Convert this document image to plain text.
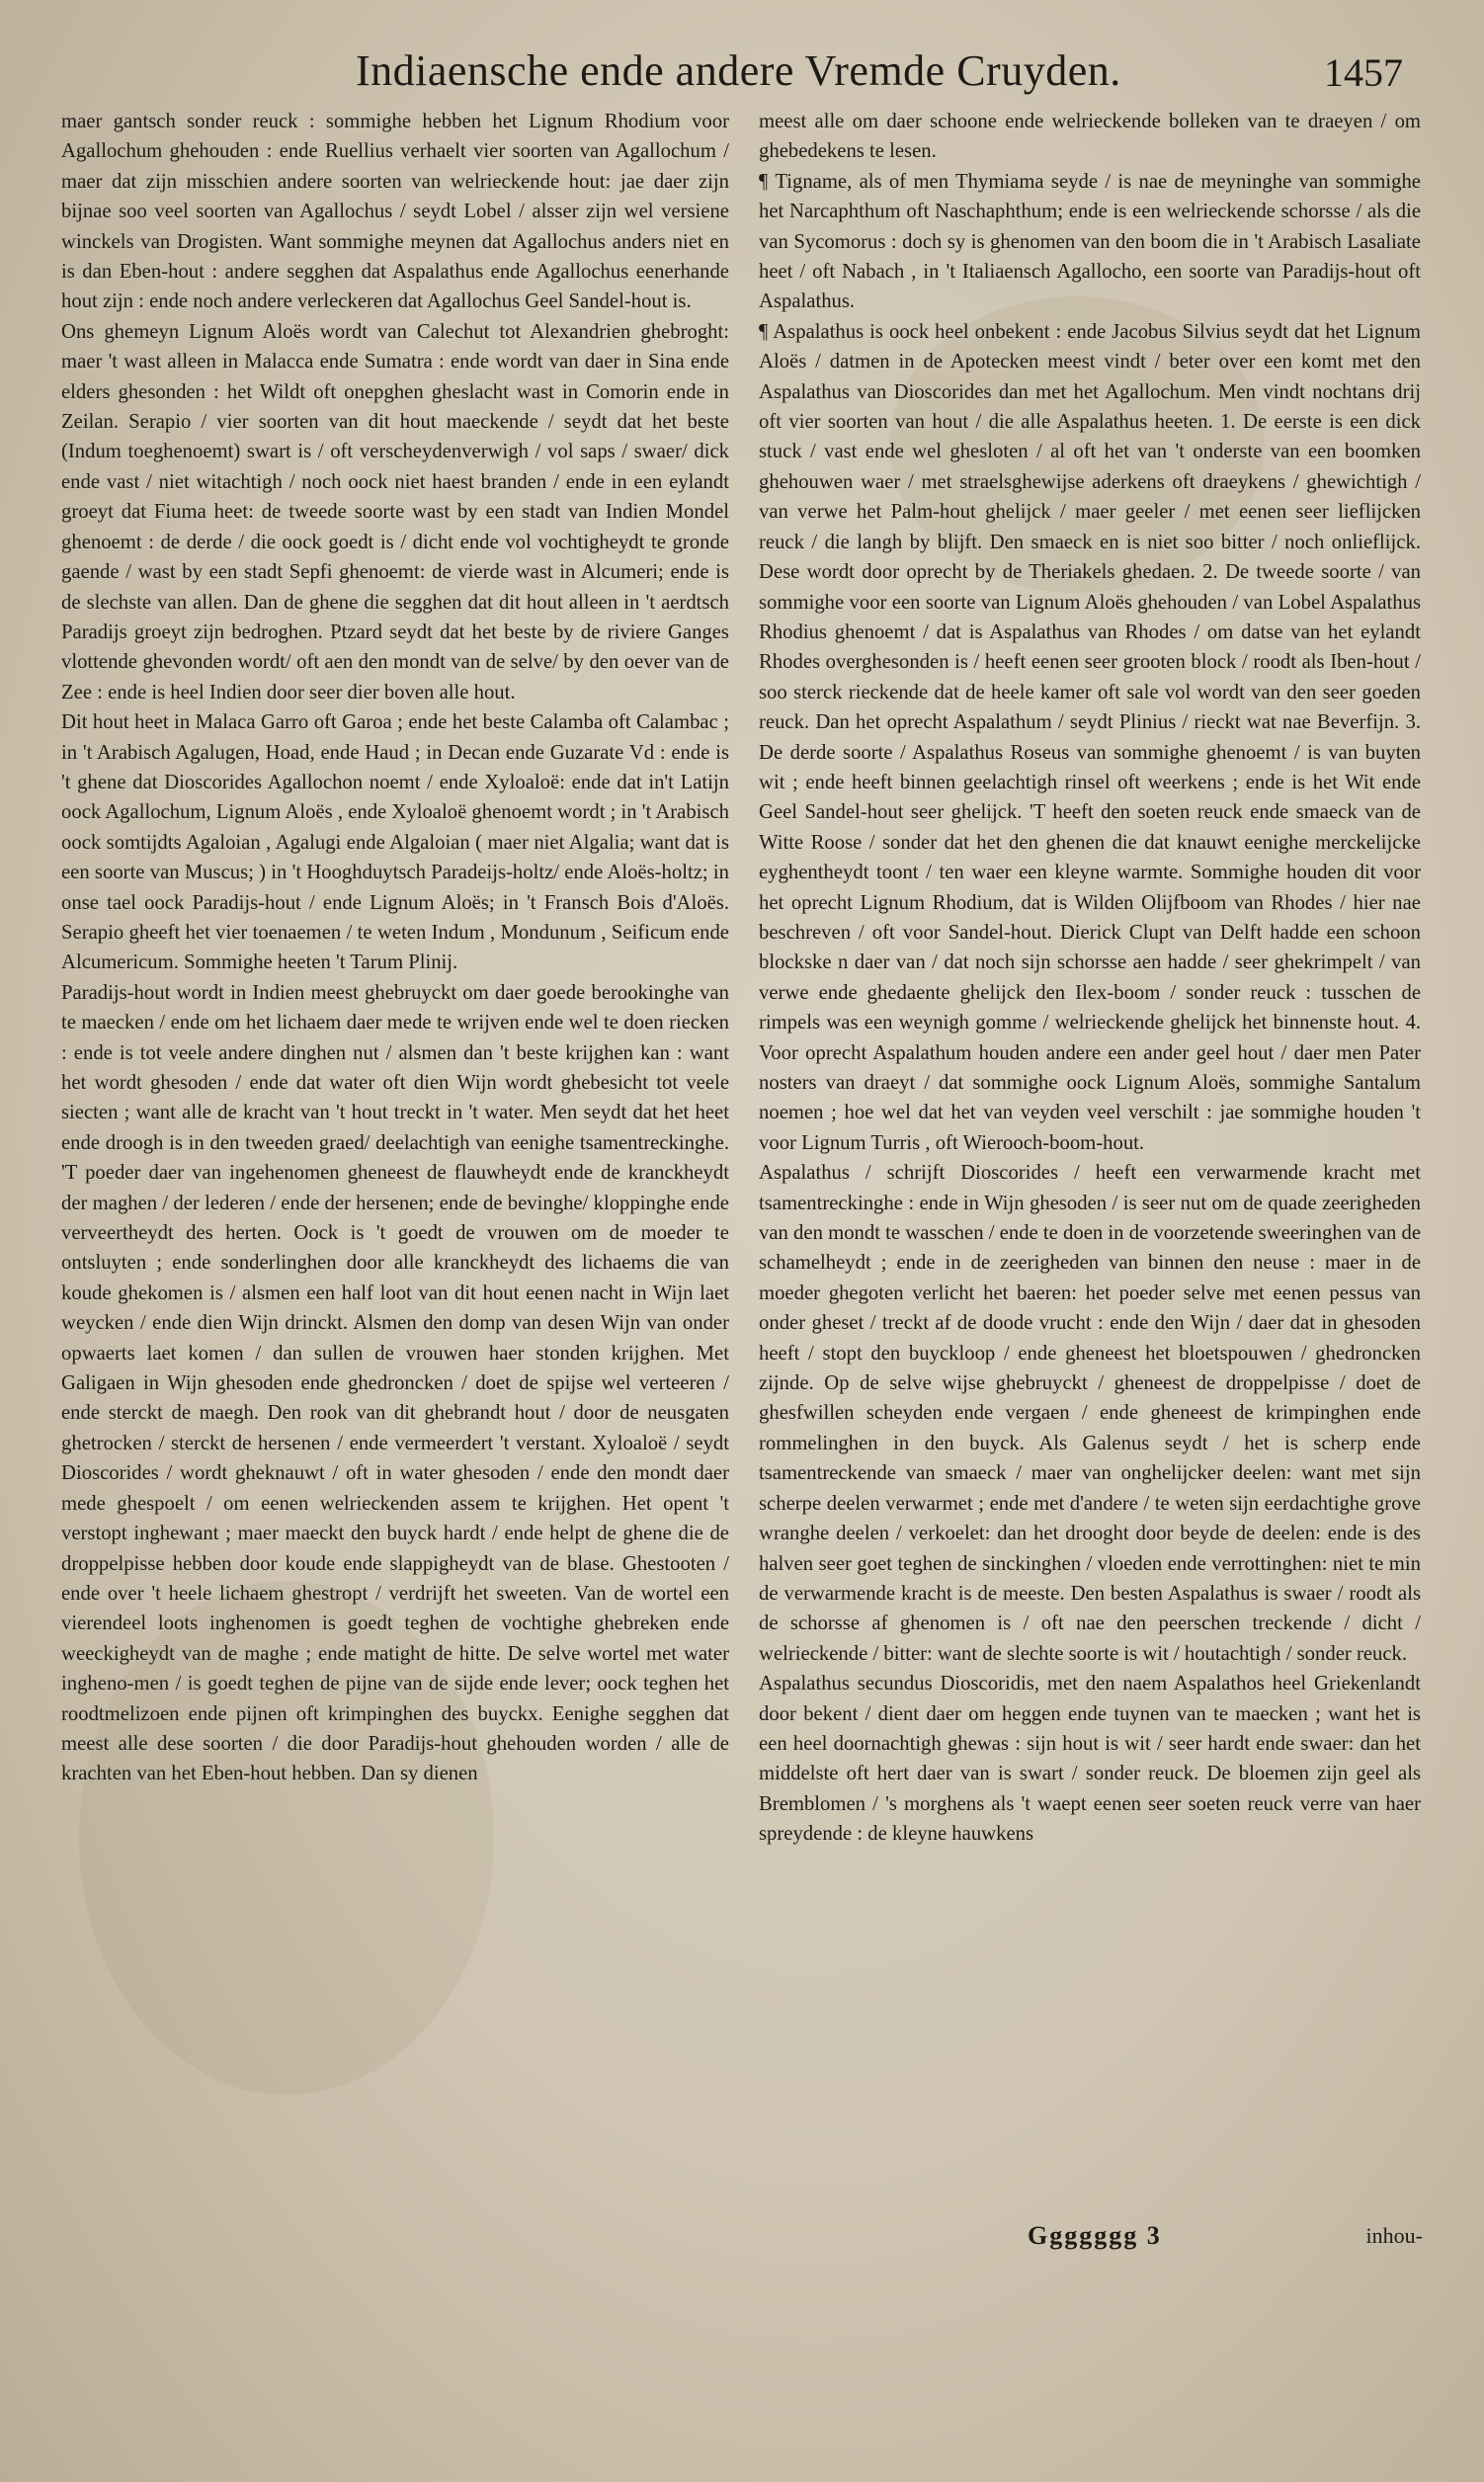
Indiaensche ende andere Vremde Cruyden.	1457

maer gantsch sonder reuck : sommighe hebben het Lignum Rhodium voor Agallochum ghehouden : ende Ruellius verhaelt vier soorten van Agallochum / maer dat zijn misschien andere soorten van welrieckende hout: jae daer zijn bijnae soo veel soorten van Agallochus / seydt Lobel / alsser zijn wel versiene winckels van Drogisten. Want sommighe meynen dat Agallochus anders niet en is dan Eben-hout : andere segghen dat Aspalathus ende Agallochus eenerhande hout zijn : ende noch andere verleckeren dat Agallochus Geel Sandel-hout is.

Ons ghemeyn Lignum Aloës wordt van Calechut tot Alexandrien ghebroght: maer 't wast alleen in Malacca ende Sumatra : ende wordt van daer in Sina ende elders ghesonden : het Wildt oft onepghen gheslacht wast in Comorin ende in Zeilan. Serapio / vier soorten van dit hout maeckende / seydt dat het beste (Indum toeghenoemt) swart is / oft verscheydenverwigh / vol saps / swaer/ dick ende vast / niet witachtigh / noch oock niet haest branden / ende in een eylandt groeyt dat Fiuma heet: de tweede soorte wast by een stadt van Indien Mondel ghenoemt : de derde / die oock goedt is / dicht ende vol vochtigheydt te gronde gaende / wast by een stadt Sepfi ghenoemt: de vierde wast in Alcumeri; ende is de slechste van allen. Dan de ghene die segghen dat dit hout alleen in 't aerdtsch Paradijs groeyt zijn bedroghen. Ptzard seydt dat het beste by de riviere Ganges vlottende ghevonden wordt/ oft aen den mondt van de selve/ by den oever van de Zee : ende is heel Indien door seer dier boven alle hout.

Dit hout heet in Malaca Garro oft Garoa ; ende het beste Calamba oft Calambac ; in 't Arabisch Agalugen, Hoad, ende Haud ; in Decan ende Guzarate Vd : ende is 't ghene dat Dioscorides Agallochon noemt / ende Xyloaloë: ende dat in't Latijn oock Agallochum, Lignum Aloës , ende Xyloaloë ghenoemt wordt ; in 't Arabisch oock somtijdts Agaloian , Agalugi ende Algaloian ( maer niet Algalia; want dat is een soorte van Muscus; ) in 't Hooghduytsch Paradeijs-holtz/ ende Aloës-holtz; in onse tael oock Paradijs-hout / ende Lignum Aloës; in 't Fransch Bois d'Aloës. Serapio gheeft het vier toenaemen / te weten Indum , Mondunum , Seificum ende Alcumericum. Sommighe heeten 't Tarum Plinij.

Paradijs-hout wordt in Indien meest ghebruyckt om daer goede berookinghe van te maecken / ende om het lichaem daer mede te wrijven ende wel te doen riecken : ende is tot veele andere dinghen nut / alsmen dan 't beste krijghen kan : want het wordt ghesoden / ende dat water oft dien Wijn wordt ghebesicht tot veele siecten ; want alle de kracht van 't hout treckt in 't water. Men seydt dat het heet ende droogh is in den tweeden graed/ deelachtigh van eenighe tsamentreckinghe. 'T poeder daer van ingehenomen gheneest de flauwheydt ende de kranckheydt der maghen / der lederen / ende der hersenen; ende de bevinghe/ kloppinghe ende verveertheydt des herten. Oock is 't goedt de vrouwen om de moeder te ontsluyten ; ende sonderlinghen door alle kranckheydt des lichaems die van koude ghekomen is / alsmen een half loot van dit hout eenen nacht in Wijn laet weycken / ende dien Wijn drinckt. Alsmen den domp van desen Wijn van onder opwaerts laet komen / dan sullen de vrouwen haer stonden krijghen. Met Galigaen in Wijn ghesoden ende ghedroncken / doet de spijse wel verteeren / ende sterckt de maegh. Den rook van dit ghebrandt hout / door de neusgaten ghetrocken / sterckt de hersenen / ende vermeerdert 't verstant. Xyloaloë / seydt Dioscorides / wordt gheknauwt / oft in water ghesoden / ende den mondt daer mede ghespoelt / om eenen welrieckenden assem te krijghen. Het opent 't verstopt inghewant ; maer maeckt den buyck hardt / ende helpt de ghene die de droppelpisse hebben door koude ende slappigheydt van de blase. Ghestooten / ende over 't heele lichaem ghestropt / verdrijft het sweeten. Van de wortel een vierendeel loots inghenomen is goedt teghen de vochtighe ghebreken ende weeckigheydt van de maghe ; ende matight de hitte. De selve wortel met water ingheno-men / is goedt teghen de pijne van de sijde ende lever; oock teghen het roodtmelizoen ende pijnen oft krimpinghen des buyckx. Eenighe segghen dat meest alle dese soorten / die door Paradijs-hout ghehouden worden / alle de krachten van het Eben-hout hebben. Dan sy dienen

meest alle om daer schoone ende welrieckende bolleken van te draeyen / om ghebedekens te lesen.

¶ Tigname, als of men Thymiama seyde / is nae de meyninghe van sommighe het Narcaphthum oft Naschaphthum; ende is een welrieckende schorsse / als die van Sycomorus : doch sy is ghenomen van den boom die in 't Arabisch Lasaliate heet / oft Nabach , in 't Italiaensch Agallocho, een soorte van Paradijs-hout oft Aspalathus.

¶ Aspalathus is oock heel onbekent : ende Jacobus Silvius seydt dat het Lignum Aloës / datmen in de Apotecken meest vindt / beter over een komt met den Aspalathus van Dioscorides dan met het Agallochum. Men vindt nochtans drij oft vier soorten van hout / die alle Aspalathus heeten. 1. De eerste is een dick stuck / vast ende wel ghesloten / al oft het van 't onderste van een boomken ghehouwen waer / met straelsghewijse aderkens oft draeykens / ghewichtigh / van verwe het Palm-hout ghelijck / maer geeler / met eenen seer lieflijcken reuck / die langh by blijft. Den smaeck en is niet soo bitter / noch onlieflijck. Dese wordt door oprecht by de Theriakels ghedaen. 2. De tweede soorte / van sommighe voor een soorte van Lignum Aloës ghehouden / van Lobel Aspalathus Rhodius ghenoemt / dat is Aspalathus van Rhodes / om datse van het eylandt Rhodes overghesonden is / heeft eenen seer grooten block / roodt als Iben-hout / soo sterck rieckende dat de heele kamer oft sale vol wordt van den seer goeden reuck. Dan het oprecht Aspalathum / seydt Plinius / rieckt wat nae Beverfijn. 3. De derde soorte / Aspalathus Roseus van sommighe ghenoemt / is van buyten wit ; ende heeft binnen geelachtigh rinsel oft weerkens ; ende is het Wit ende Geel Sandel-hout seer ghelijck. 'T heeft den soeten reuck ende smaeck van de Witte Roose / sonder dat het den ghenen die dat knauwt eenighe merckelijcke eyghentheydt toont / ten waer een kleyne warmte. Sommighe houden dit voor het oprecht Lignum Rhodium, dat is Wilden Olijfboom van Rhodes / hier nae beschreven / oft voor Sandel-hout. Dierick Clupt van Delft hadde een schoon blockske n daer van / dat noch sijn schorsse aen hadde / seer ghekrimpelt / van verwe ende ghedaente ghelijck den Ilex-boom / sonder reuck : tusschen de rimpels was een weynigh gomme / welrieckende ghelijck het binnenste hout. 4. Voor oprecht Aspalathum houden andere een ander geel hout / daer men Pater nosters van draeyt / dat sommighe oock Lignum Aloës, sommighe Santalum noemen ; hoe wel dat het van veyden veel verschilt : jae sommighe houden 't voor Lignum Turris , oft Wierooch-boom-hout.

Aspalathus / schrijft Dioscorides / heeft een verwarmende kracht met tsamentreckinghe : ende in Wijn ghesoden / is seer nut om de quade zeerigheden van den mondt te wasschen / ende te doen in de voorzetende sweeringhen van de schamelheydt ; ende in de zeerigheden van binnen den neuse : maer in de moeder ghegoten verlicht het baeren: het poeder selve met eenen pessus van onder gheset / treckt af de doode vrucht : ende den Wijn / daer dat in ghesoden heeft / stopt den buyckloop / ende gheneest het bloetspouwen / ghedroncken zijnde. Op de selve wijse ghebruyckt / gheneest de droppelpisse / doet de ghesfwillen scheyden ende vergaen / ende gheneest de krimpinghen ende rommelinghen in den buyck. Als Galenus seydt / het is scherp ende tsamentreckende van smaeck / maer van onghelijcker deelen: want met sijn scherpe deelen verwarmet ; ende met d'andere / te weten sijn eerdachtighe grove wranghe deelen / verkoelet: dan het drooght door beyde de deelen: ende is des halven seer goet teghen de sinckinghen / vloeden ende verrottinghen: niet te min de verwarmende kracht is de meeste. Den besten Aspalathus is swaer / roodt als de schorsse af ghenomen is / oft nae den peerschen treckende / dicht / welrieckende / bitter: want de slechte soorte is wit / houtachtigh / sonder reuck.

Aspalathus secundus Dioscoridis, met den naem Aspalathos heel Griekenlandt door bekent / dient daer om heggen ende tuynen van te maecken ; want het is een heel doornachtigh ghewas : sijn hout is wit / seer hardt ende swaer: dan het middelste oft hert daer van is swart / sonder reuck. De bloemen zijn geel als Bremblomen / 's morghens als 't waept eenen seer soeten reuck verre van haer spreydende : de kleyne hauwkens

Ggggggg 3	inhou-
